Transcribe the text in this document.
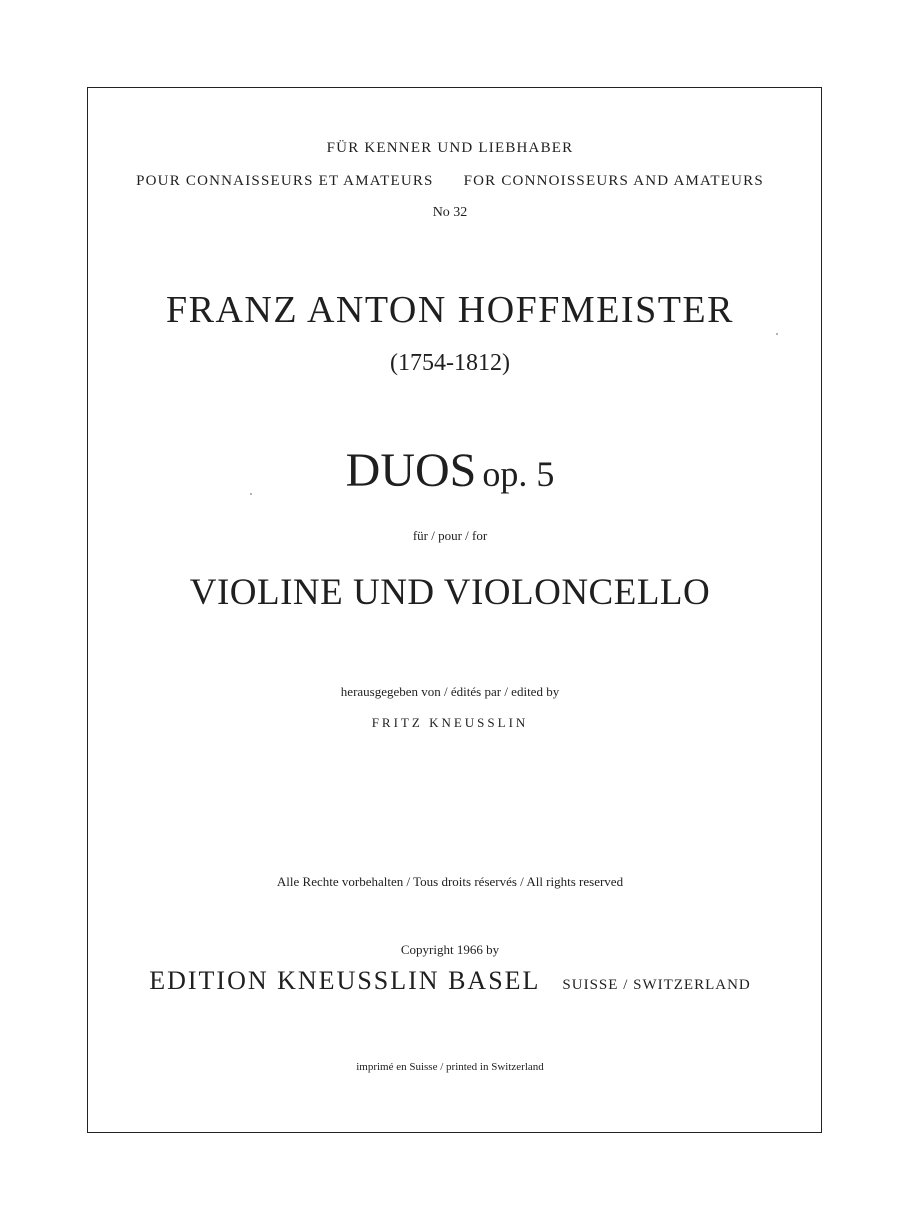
FÜR KENNER UND LIEBHABER
POUR CONNAISSEURS ET AMATEURS FOR CONNOISSEURS AND AMATEURS
No 32
FRANZ ANTON HOFFMEISTER
(1754-1812)
DUOS op. 5
für / pour / for
VIOLINE UND VIOLONCELLO
herausgegeben von / édités par / edited by
FRITZ KNEUSSLIN
Alle Rechte vorbehalten / Tous droits réservés / All rights reserved
Copyright 1966 by
EDITION KNEUSSLIN BASEL SUISSE / SWITZERLAND
imprimé en Suisse / printed in Switzerland
